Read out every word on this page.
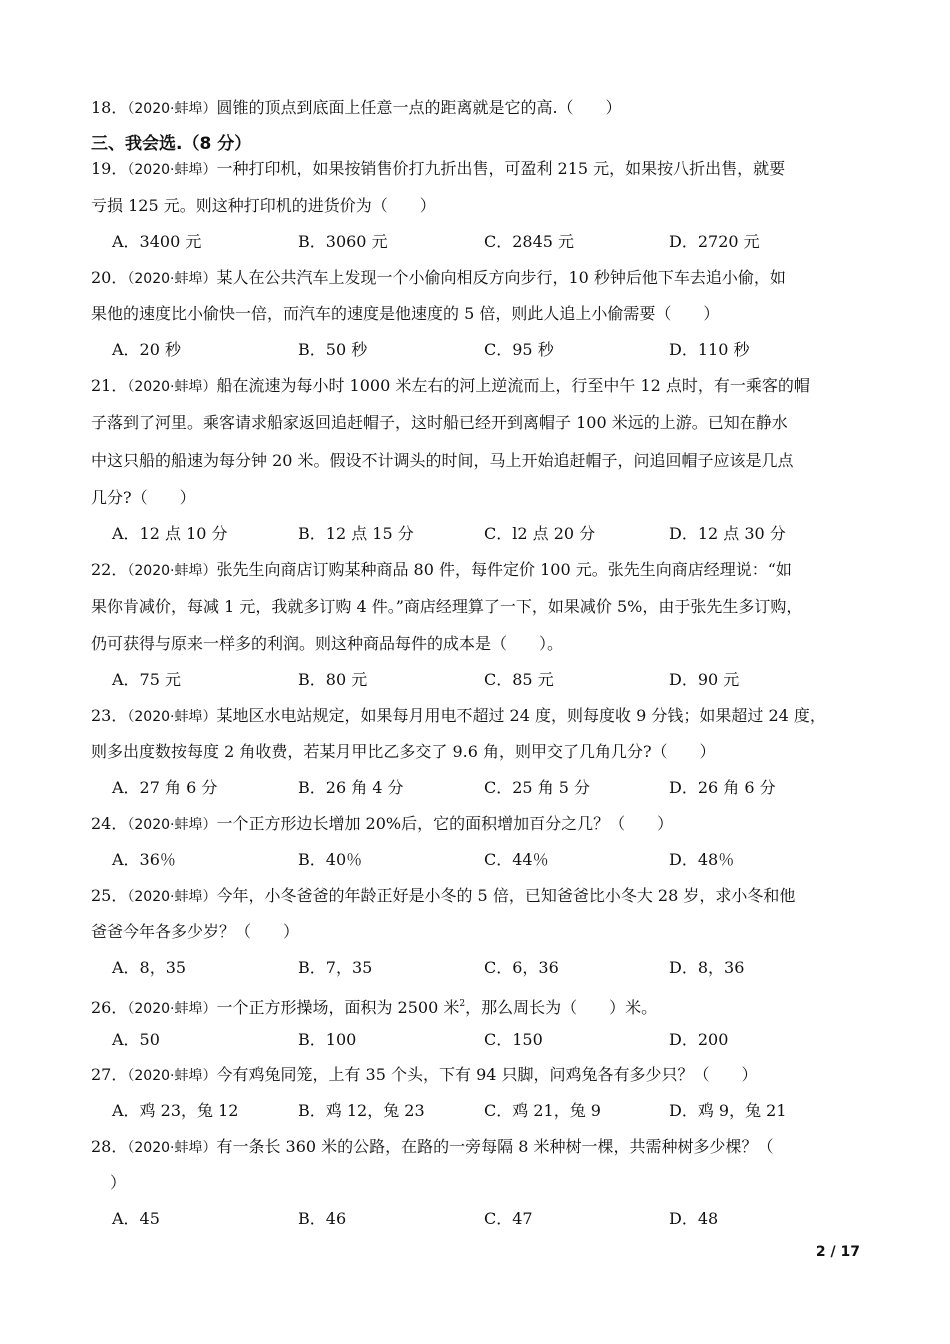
18．（2020·蚌埠）圆锥的顶点到底面上任意一点的距离就是它的高.（　　）
三、我会选.（8 分）
19．（2020·蚌埠）一种打印机，如果按销售价打九折出售，可盈利 215 元，如果按八折出售，就要
亏损 125 元。则这种打印机的进货价为（　　）
A．3400 元	B．3060 元	C．2845 元	D．2720 元
20．（2020·蚌埠）某人在公共汽车上发现一个小偷向相反方向步行，10 秒钟后他下车去追小偷，如
果他的速度比小偷快一倍，而汽车的速度是他速度的 5 倍，则此人追上小偷需要（　　）
A．20 秒	B．50 秒	C．95 秒	D．110 秒
21．（2020·蚌埠）船在流速为每小时 1000 米左右的河上逆流而上，行至中午 12 点时，有一乘客的帽
子落到了河里。乘客请求船家返回追赶帽子，这时船已经开到离帽子 100 米远的上游。已知在静水
中这只船的船速为每分钟 20 米。假设不计调头的时间，马上开始追赶帽子，问追回帽子应该是几点
几分?（　　）
A．12 点 10 分	B．12 点 15 分	C．l2 点 20 分	D．12 点 30 分
22．（2020·蚌埠）张先生向商店订购某种商品 80 件，每件定价 100 元。张先生向商店经理说：“如
果你肯减价，每减 1 元，我就多订购 4 件。”商店经理算了一下，如果减价 5%，由于张先生多订购，
仍可获得与原来一样多的利润。则这种商品每件的成本是（　　）。
A．75 元	B．80 元	C．85 元	D．90 元
23．（2020·蚌埠）某地区水电站规定，如果每月用电不超过 24 度，则每度收 9 分钱；如果超过 24 度，
则多出度数按每度 2 角收费，若某月甲比乙多交了 9.6 角，则甲交了几角几分?（　　）
A．27 角 6 分	B．26 角 4 分	C．25 角 5 分	D．26 角 6 分
24．（2020·蚌埠）一个正方形边长增加 20%后，它的面积增加百分之几？（　　）
A．36％	B．40％	C．44％	D．48％
25．（2020·蚌埠）今年，小冬爸爸的年龄正好是小冬的 5 倍，已知爸爸比小冬大 28 岁，求小冬和他
爸爸今年各多少岁？（　　）
A．8，35	B．7，35	C．6，36	D．8，36
26．（2020·蚌埠）一个正方形操场，面积为 2500 米$^2$，那么周长为（　　）米。
A．50	B．100	C．150	D．200
27．（2020·蚌埠）今有鸡兔同笼，上有 35 个头，下有 94 只脚，问鸡兔各有多少只？（　　）
A．鸡 23，兔 12	B．鸡 12，兔 23	C．鸡 21，兔 9	D．鸡 9，兔 21
28．（2020·蚌埠）有一条长 360 米的公路，在路的一旁每隔 8 米种树一棵，共需种树多少棵？（
）
A．45	B．46	C．47	D．48
2 / 17
